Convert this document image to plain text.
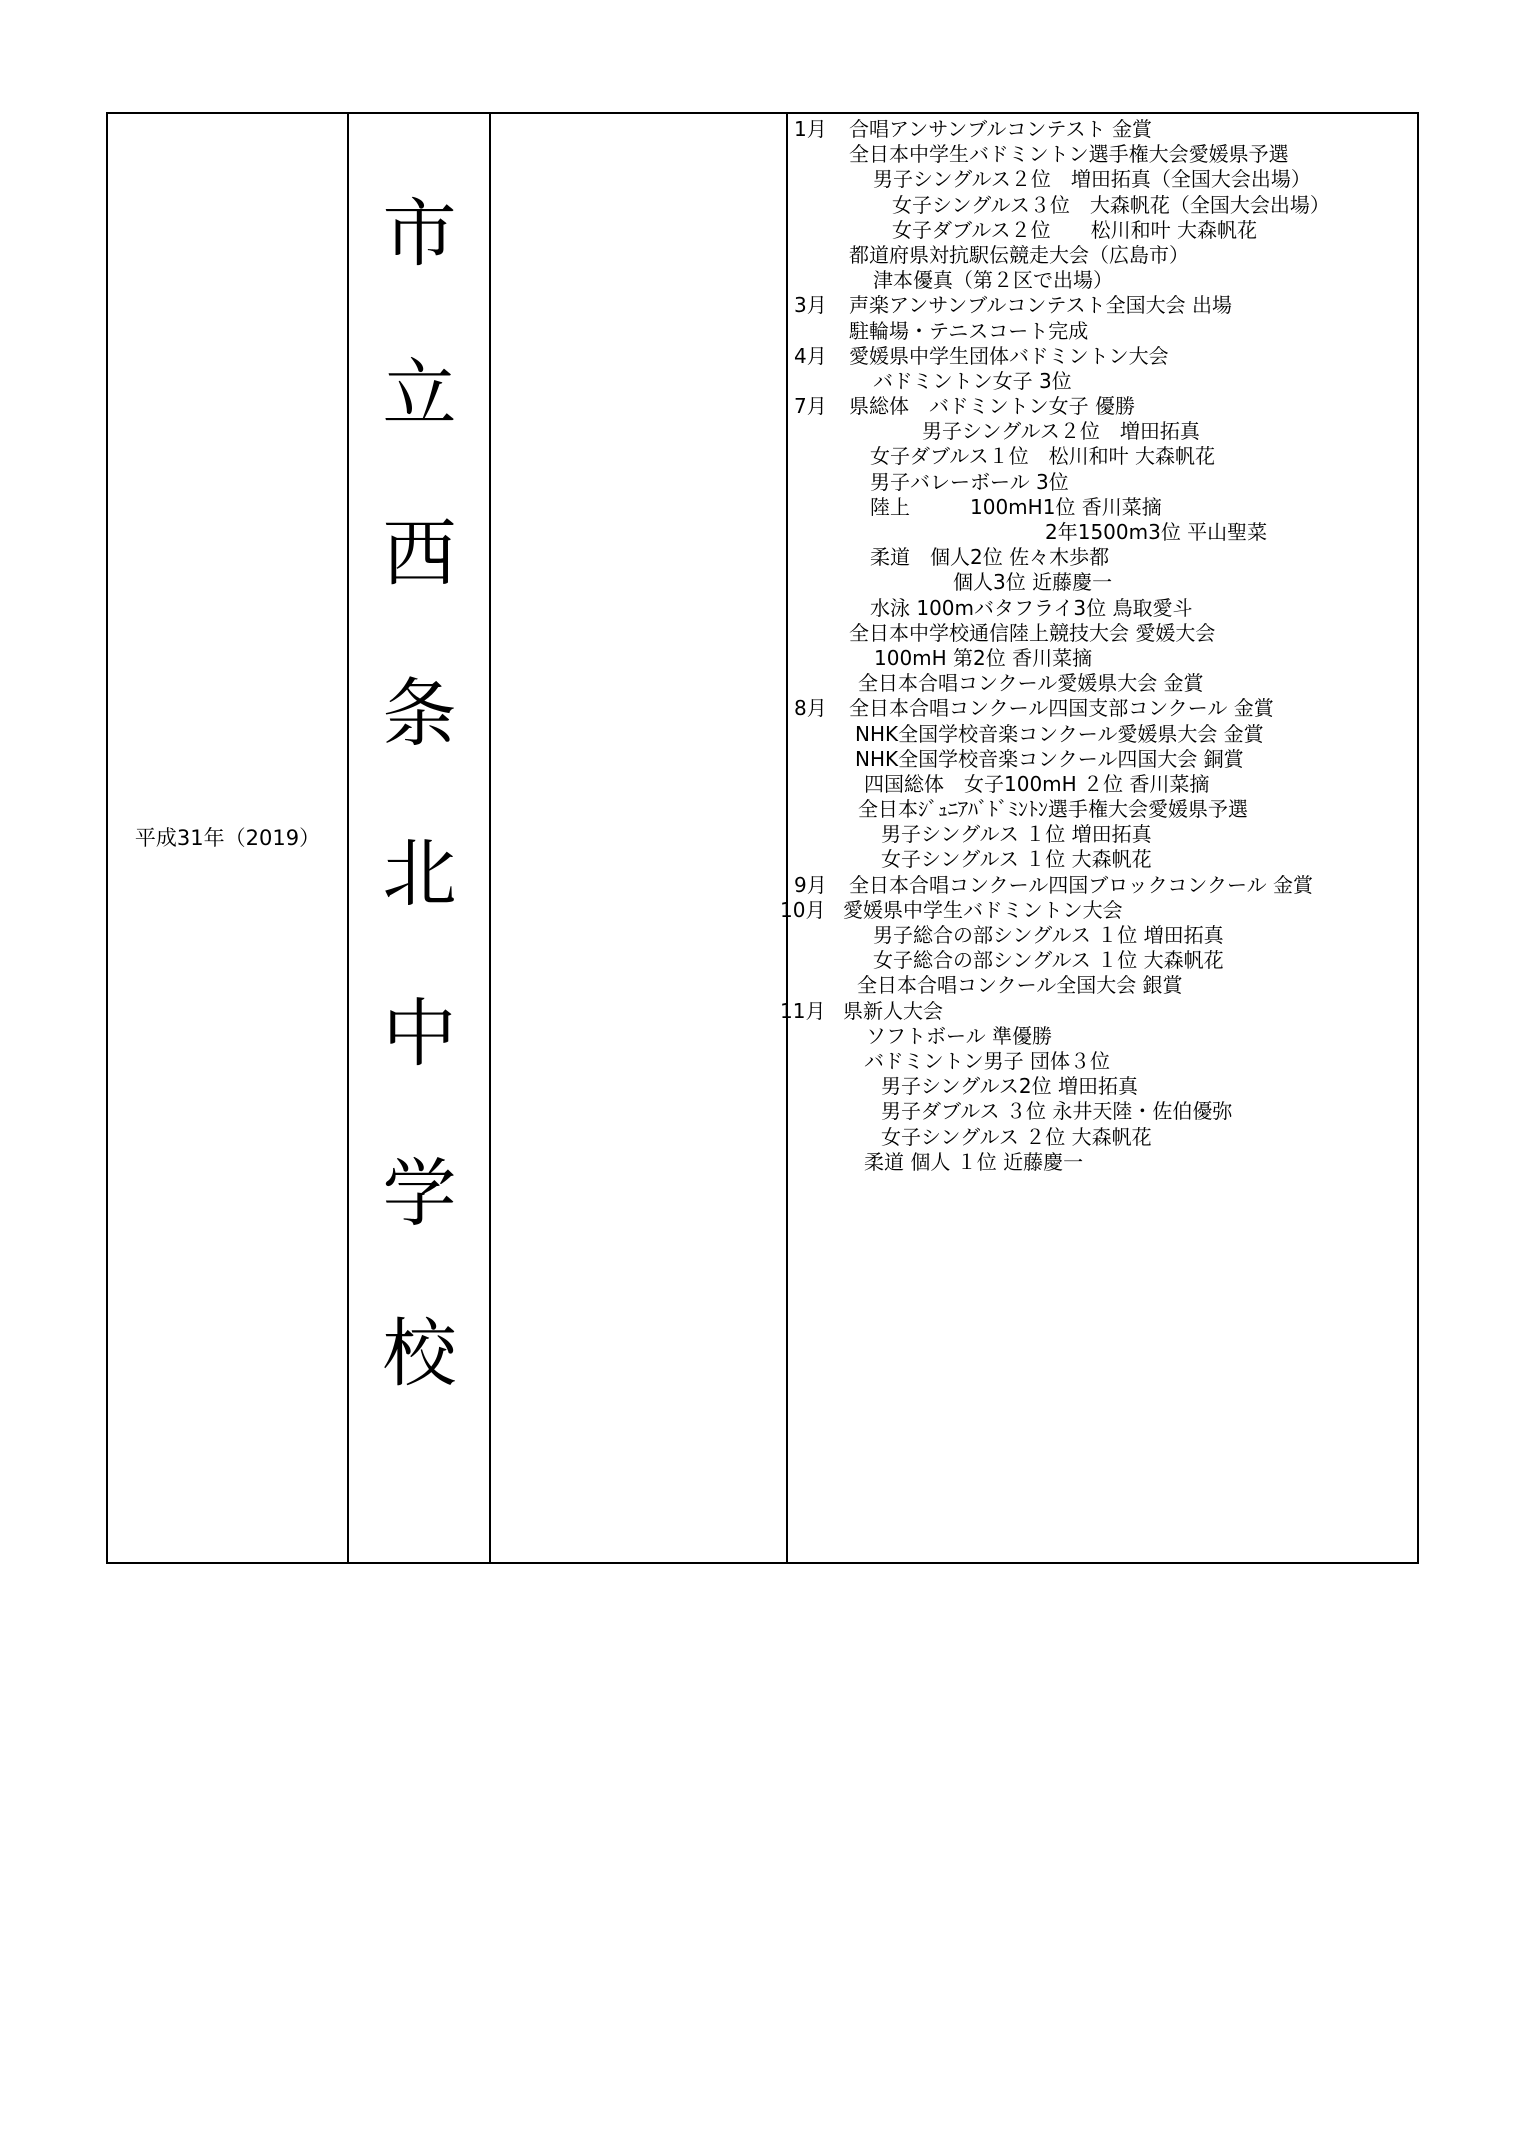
平成31年（2019）
市
立
西
条
北
中
学
校
1月 合唱アンサンブルコンテスト 金賞
全日本中学生バドミントン選手権大会愛媛県予選
男子シングルス２位　増田拓真（全国大会出場）
女子シングルス３位　大森帆花（全国大会出場）
女子ダブルス２位　　松川和叶 大森帆花
都道府県対抗駅伝競走大会（広島市）
津本優真（第２区で出場）
3月 声楽アンサンブルコンテスト全国大会 出場
駐輪場・テニスコート完成
4月 愛媛県中学生団体バドミントン大会
バドミントン女子 3位
7月 県総体　バドミントン女子 優勝
男子シングルス２位　増田拓真
女子ダブルス１位　松川和叶 大森帆花
男子バレーボール 3位
陸上　　　100mH1位 香川菜摘
2年1500m3位 平山聖菜
柔道　個人2位 佐々木歩都
個人3位 近藤慶一
水泳 100mバタフライ3位 鳥取愛斗
全日本中学校通信陸上競技大会 愛媛大会
100mH 第2位 香川菜摘
全日本合唱コンクール愛媛県大会 金賞
8月 全日本合唱コンクール四国支部コンクール 金賞
NHK全国学校音楽コンクール愛媛県大会 金賞
NHK全国学校音楽コンクール四国大会 銅賞
四国総体　女子100mH ２位 香川菜摘
全日本ｼﾞｭﾆｱﾊﾞﾄﾞﾐﾝﾄﾝ選手権大会愛媛県予選
男子シングルス １位 増田拓真
女子シングルス １位 大森帆花
9月 全日本合唱コンクール四国ブロックコンクール 金賞
10月 愛媛県中学生バドミントン大会
男子総合の部シングルス １位 増田拓真
女子総合の部シングルス １位 大森帆花
全日本合唱コンクール全国大会 銀賞
11月 県新人大会
ソフトボール 準優勝
バドミントン男子 団体３位
男子シングルス2位 増田拓真
男子ダブルス ３位 永井天陸・佐伯優弥
女子シングルス ２位 大森帆花
柔道 個人 １位 近藤慶一
